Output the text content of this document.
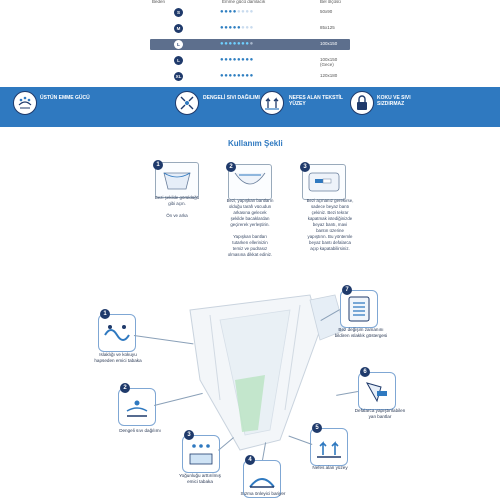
Beden	Emme gücü damlacık	Bel ölçüsü
S	●●●●●●●●	50x90
M	●●●●●●●●	85x125
L	●●●●●●●●	100x150
L	●●●●●●●●	100x150 (Gece)
XL	●●●●●●●●	120x180
ÜSTÜN EMME GÜCÜ	DENGELİ SIVI DAĞILIMI	NEFES ALAN TEKSTİL YÜZEY
KOKU VE SIVI SIZDIRMAZ
Kullanım Şekli
1
Bezi şekilde görüldüğü
gibi açın.

Ön ve arka
2
Bezi, yapışkan bantların
olduğu tarafı vücudun
arkasına gelecek
şekilde bacaklardan
geçirerek yerleştirin.

Yapışkan bantları
tutarken ellerinizin
temiz ve pudrasız
olmasına dikkat ediniz.
3
Bezi açmanız gerekirse,
sadece beyaz bantı
çekiniz. Bezi tekrar
kapatmak istediğinizde
beyaz bantı, mavi
bantın üzerine
yapıştırın. Bu yöntemle
beyaz bantı defalarca
açıp kapatabilirsiniz.
1
Islaklığı ve kokuyu
hapseden emici tabaka
2
Dengeli sıvı dağılımı
3
Yoğunluğu arttırılmış
emici tabaka
4
Sızma önleyici bariyer
5
Nefes alan yüzey
6
Defalarca yapıştırılabilen
yan bantlar
7
Bez değişim zamanını
bildiren ıslaklık göstergesi
